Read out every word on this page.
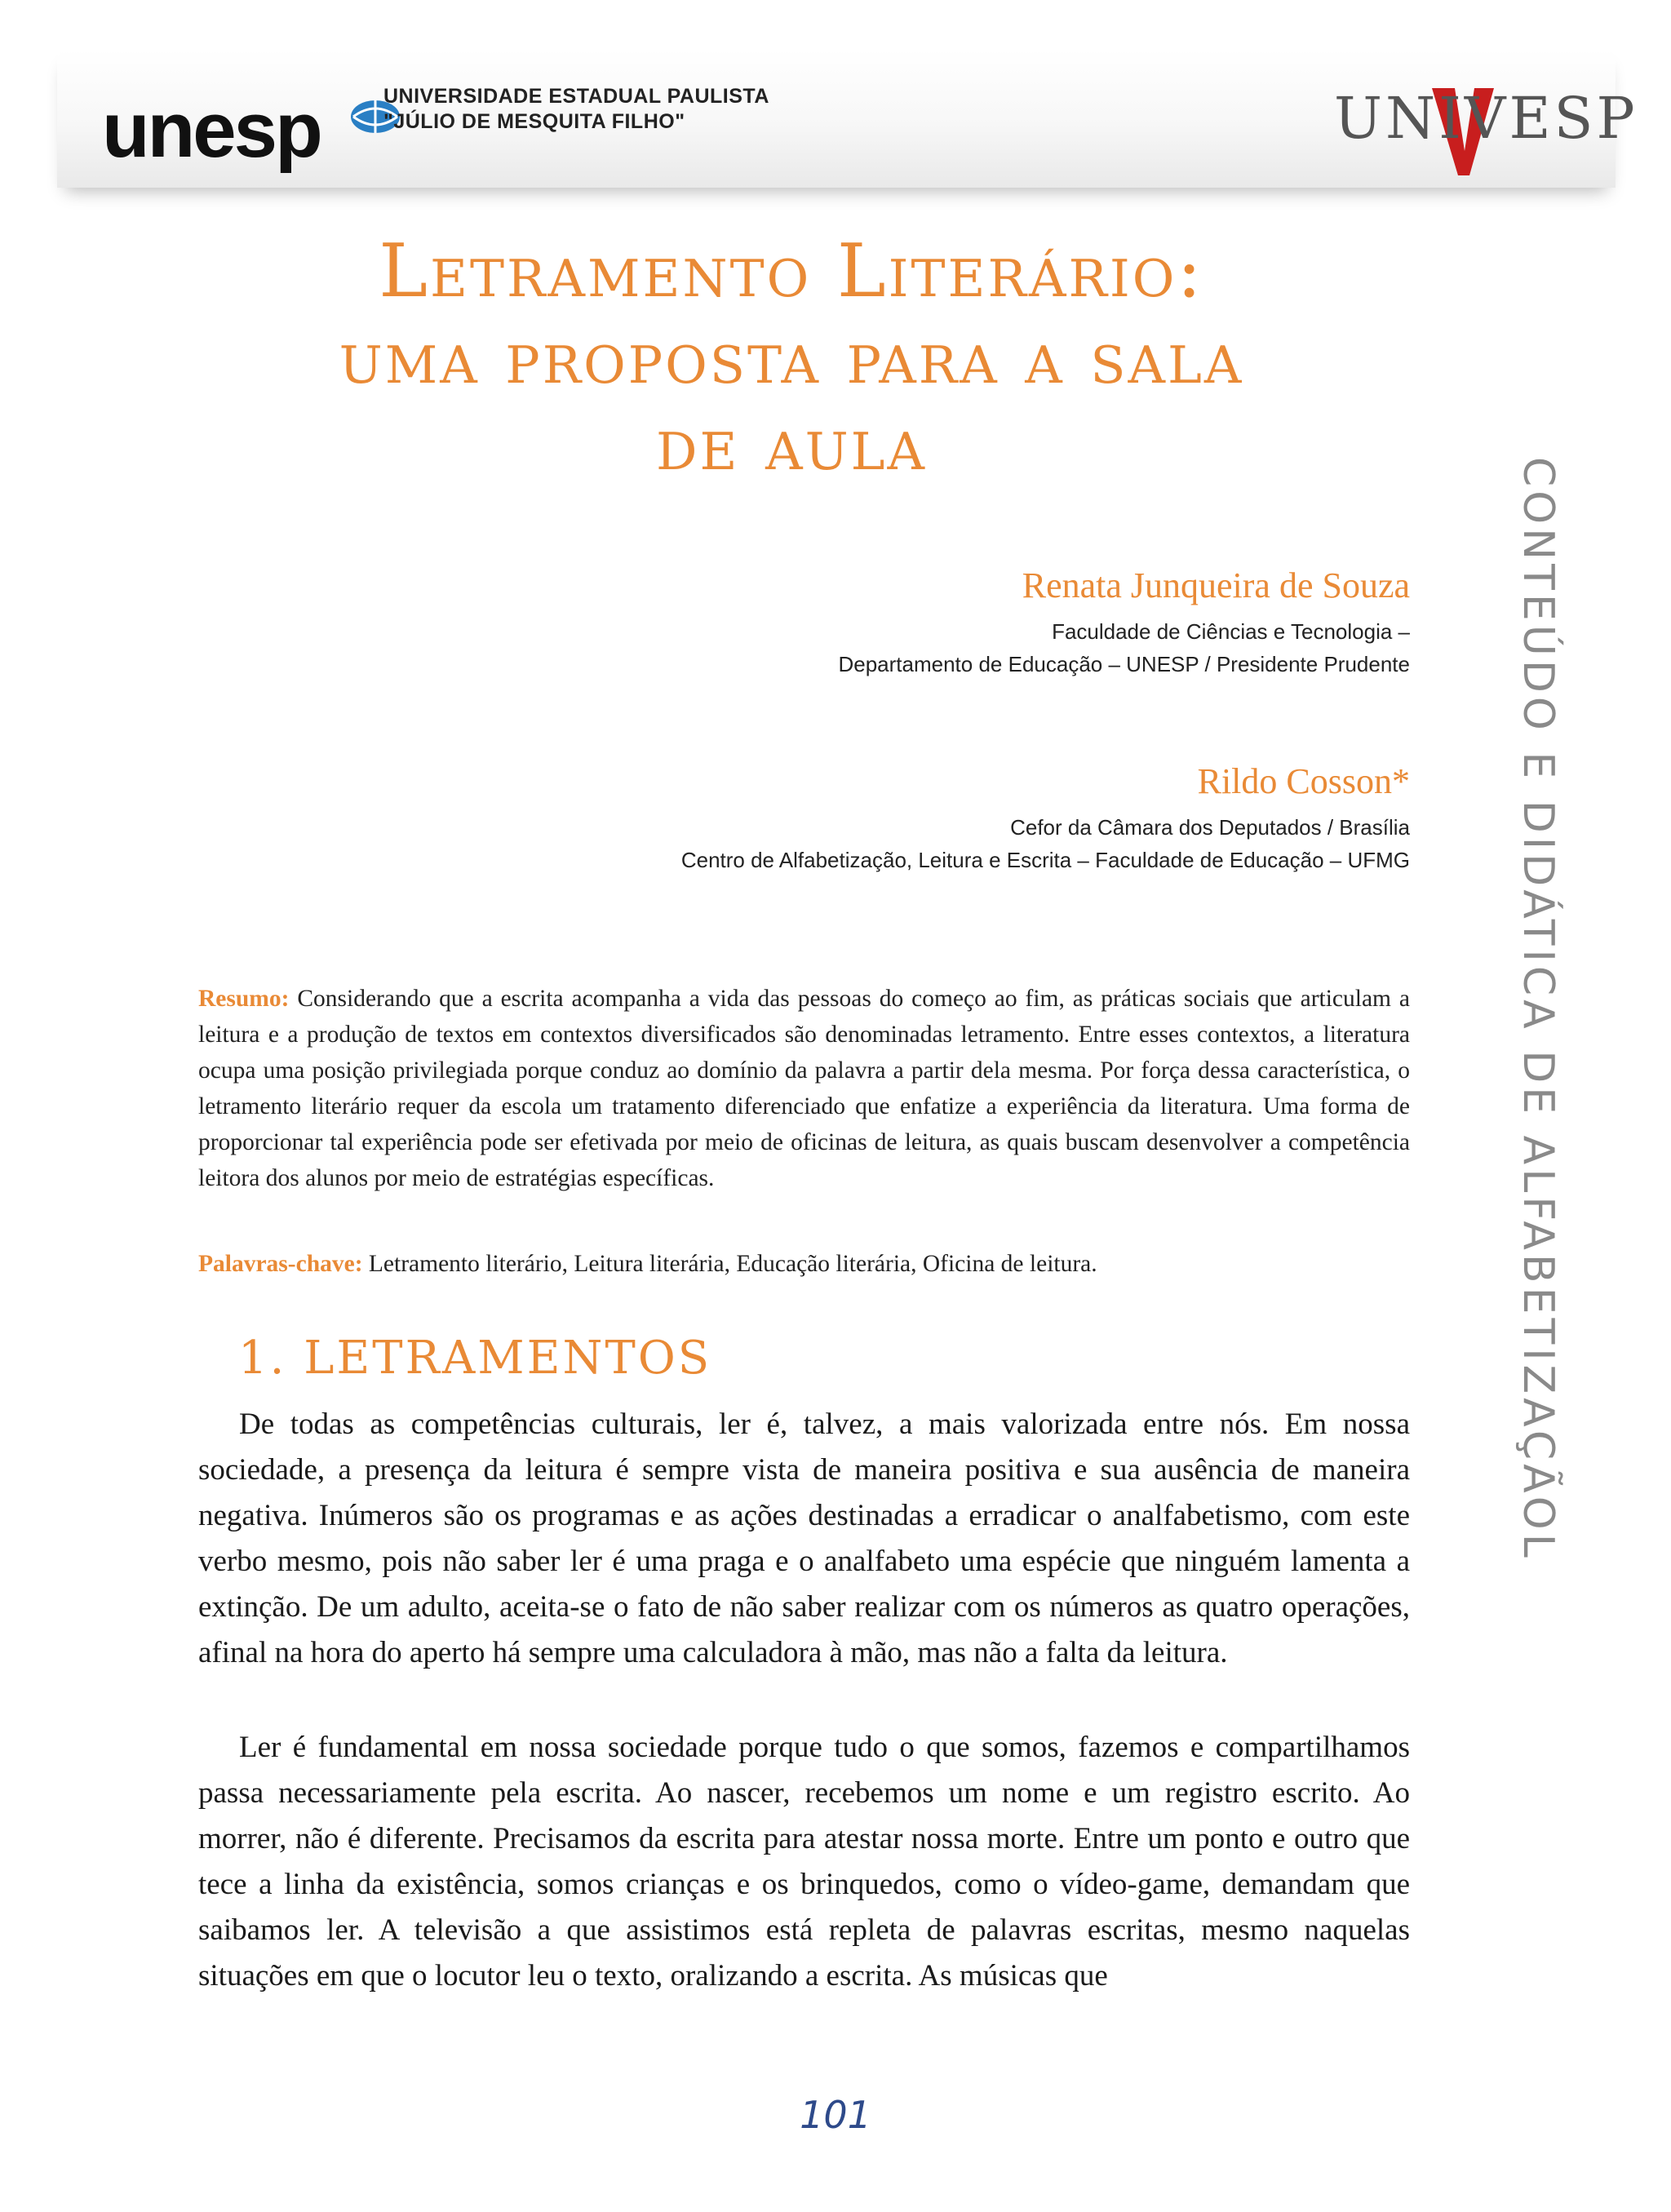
unesp	UNIVERSIDADE ESTADUAL PAULISTA
"JÚLIO DE MESQUITA FILHO"	UNIVESP
Letramento Literário:
uma proposta para a sala
de aula
Renata Junqueira de Souza
Faculdade de Ciências e Tecnologia –
Departamento de Educação – UNESP / Presidente Prudente
Rildo Cosson*
Cefor da Câmara dos Deputados / Brasília
Centro de Alfabetização, Leitura e Escrita – Faculdade de Educação – UFMG CONTEÚDO E DIDÁTICA DE ALFABETIZAÇÃOL
Resumo: Considerando que a escrita acompanha a vida das pessoas do começo ao fim, as práticas sociais que articulam a leitura e a produção de textos em contextos diversificados são denominadas letramento. Entre esses contextos, a literatura ocupa uma posição privilegiada porque conduz ao domínio da palavra a partir dela mesma. Por força dessa característica, o letramento literário requer da escola um tratamento diferenciado que enfatize a experiência da literatura. Uma forma de proporcionar tal experiência pode ser efetivada por meio de oficinas de leitura, as quais buscam desenvolver a competência leitora dos alunos por meio de estratégias específicas.
Palavras-chave: Letramento literário, Leitura literária, Educação literária, Oficina de leitura.
1. LETRAMENTOS

De todas as competências culturais, ler é, talvez, a mais valorizada entre nós. Em nossa sociedade, a presença da leitura é sempre vista de maneira positiva e sua ausência de maneira negativa. Inúmeros são os programas e as ações destinadas a erradicar o analfabetismo, com este verbo mesmo, pois não saber ler é uma praga e o analfabeto uma espécie que ninguém lamenta a extinção. De um adulto, aceita-se o fato de não saber realizar com os números as quatro operações, afinal na hora do aperto há sempre uma calculadora à mão, mas não a falta da leitura.

Ler é fundamental em nossa sociedade porque tudo o que somos, fazemos e compartilhamos passa necessariamente pela escrita. Ao nascer, recebemos um nome e um registro escrito. Ao morrer, não é diferente. Precisamos da escrita para atestar nossa morte. Entre um ponto e outro que tece a linha da existência, somos crianças e os brinquedos, como o vídeo-game, demandam que saibamos ler. A televisão a que assistimos está repleta de palavras escritas, mesmo naquelas situações em que o locutor leu o texto, oralizando a escrita. As músicas que

101
